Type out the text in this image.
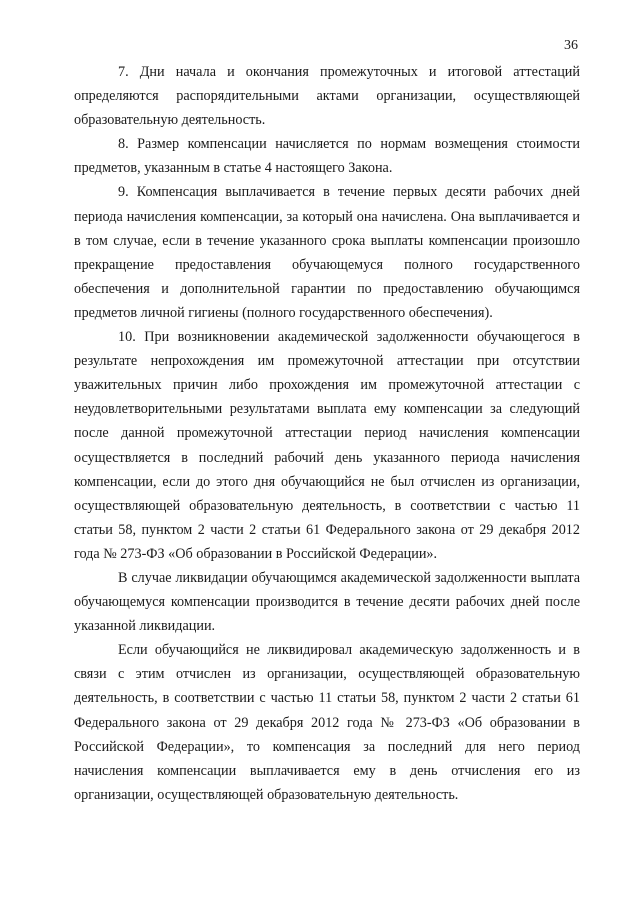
36

7. Дни начала и окончания промежуточных и итоговой аттестаций определяются распорядительными актами организации, осуществляющей образовательную деятельность.

8. Размер компенсации начисляется по нормам возмещения стоимости предметов, указанным в статье 4 настоящего Закона.

9. Компенсация выплачивается в течение первых десяти рабочих дней периода начисления компенсации, за который она начислена. Она выплачивается и в том случае, если в течение указанного срока выплаты компенсации произошло прекращение предоставления обучающемуся полного государственного обеспечения и дополнительной гарантии по предоставлению обучающимся предметов личной гигиены (полного государственного обеспечения).

10. При возникновении академической задолженности обучающегося в результате непрохождения им промежуточной аттестации при отсутствии уважительных причин либо прохождения им промежуточной аттестации с неудовлетворительными результатами выплата ему компенсации за следующий после данной промежуточной аттестации период начисления компенсации осуществляется в последний рабочий день указанного периода начисления компенсации, если до этого дня обучающийся не был отчислен из организации, осуществляющей образовательную деятельность, в соответствии с частью 11 статьи 58, пунктом 2 части 2 статьи 61 Федерального закона от 29 декабря 2012 года № 273-ФЗ «Об образовании в Российской Федерации».

В случае ликвидации обучающимся академической задолженности выплата обучающемуся компенсации производится в течение десяти рабочих дней после указанной ликвидации.

Если обучающийся не ликвидировал академическую задолженность и в связи с этим отчислен из организации, осуществляющей образовательную деятельность, в соответствии с частью 11 статьи 58, пунктом 2 части 2 статьи 61 Федерального закона от 29 декабря 2012 года № 273-ФЗ «Об образовании в Российской Федерации», то компенсация за последний для него период начисления компенсации выплачивается ему в день отчисления его из организации, осуществляющей образовательную деятельность.
